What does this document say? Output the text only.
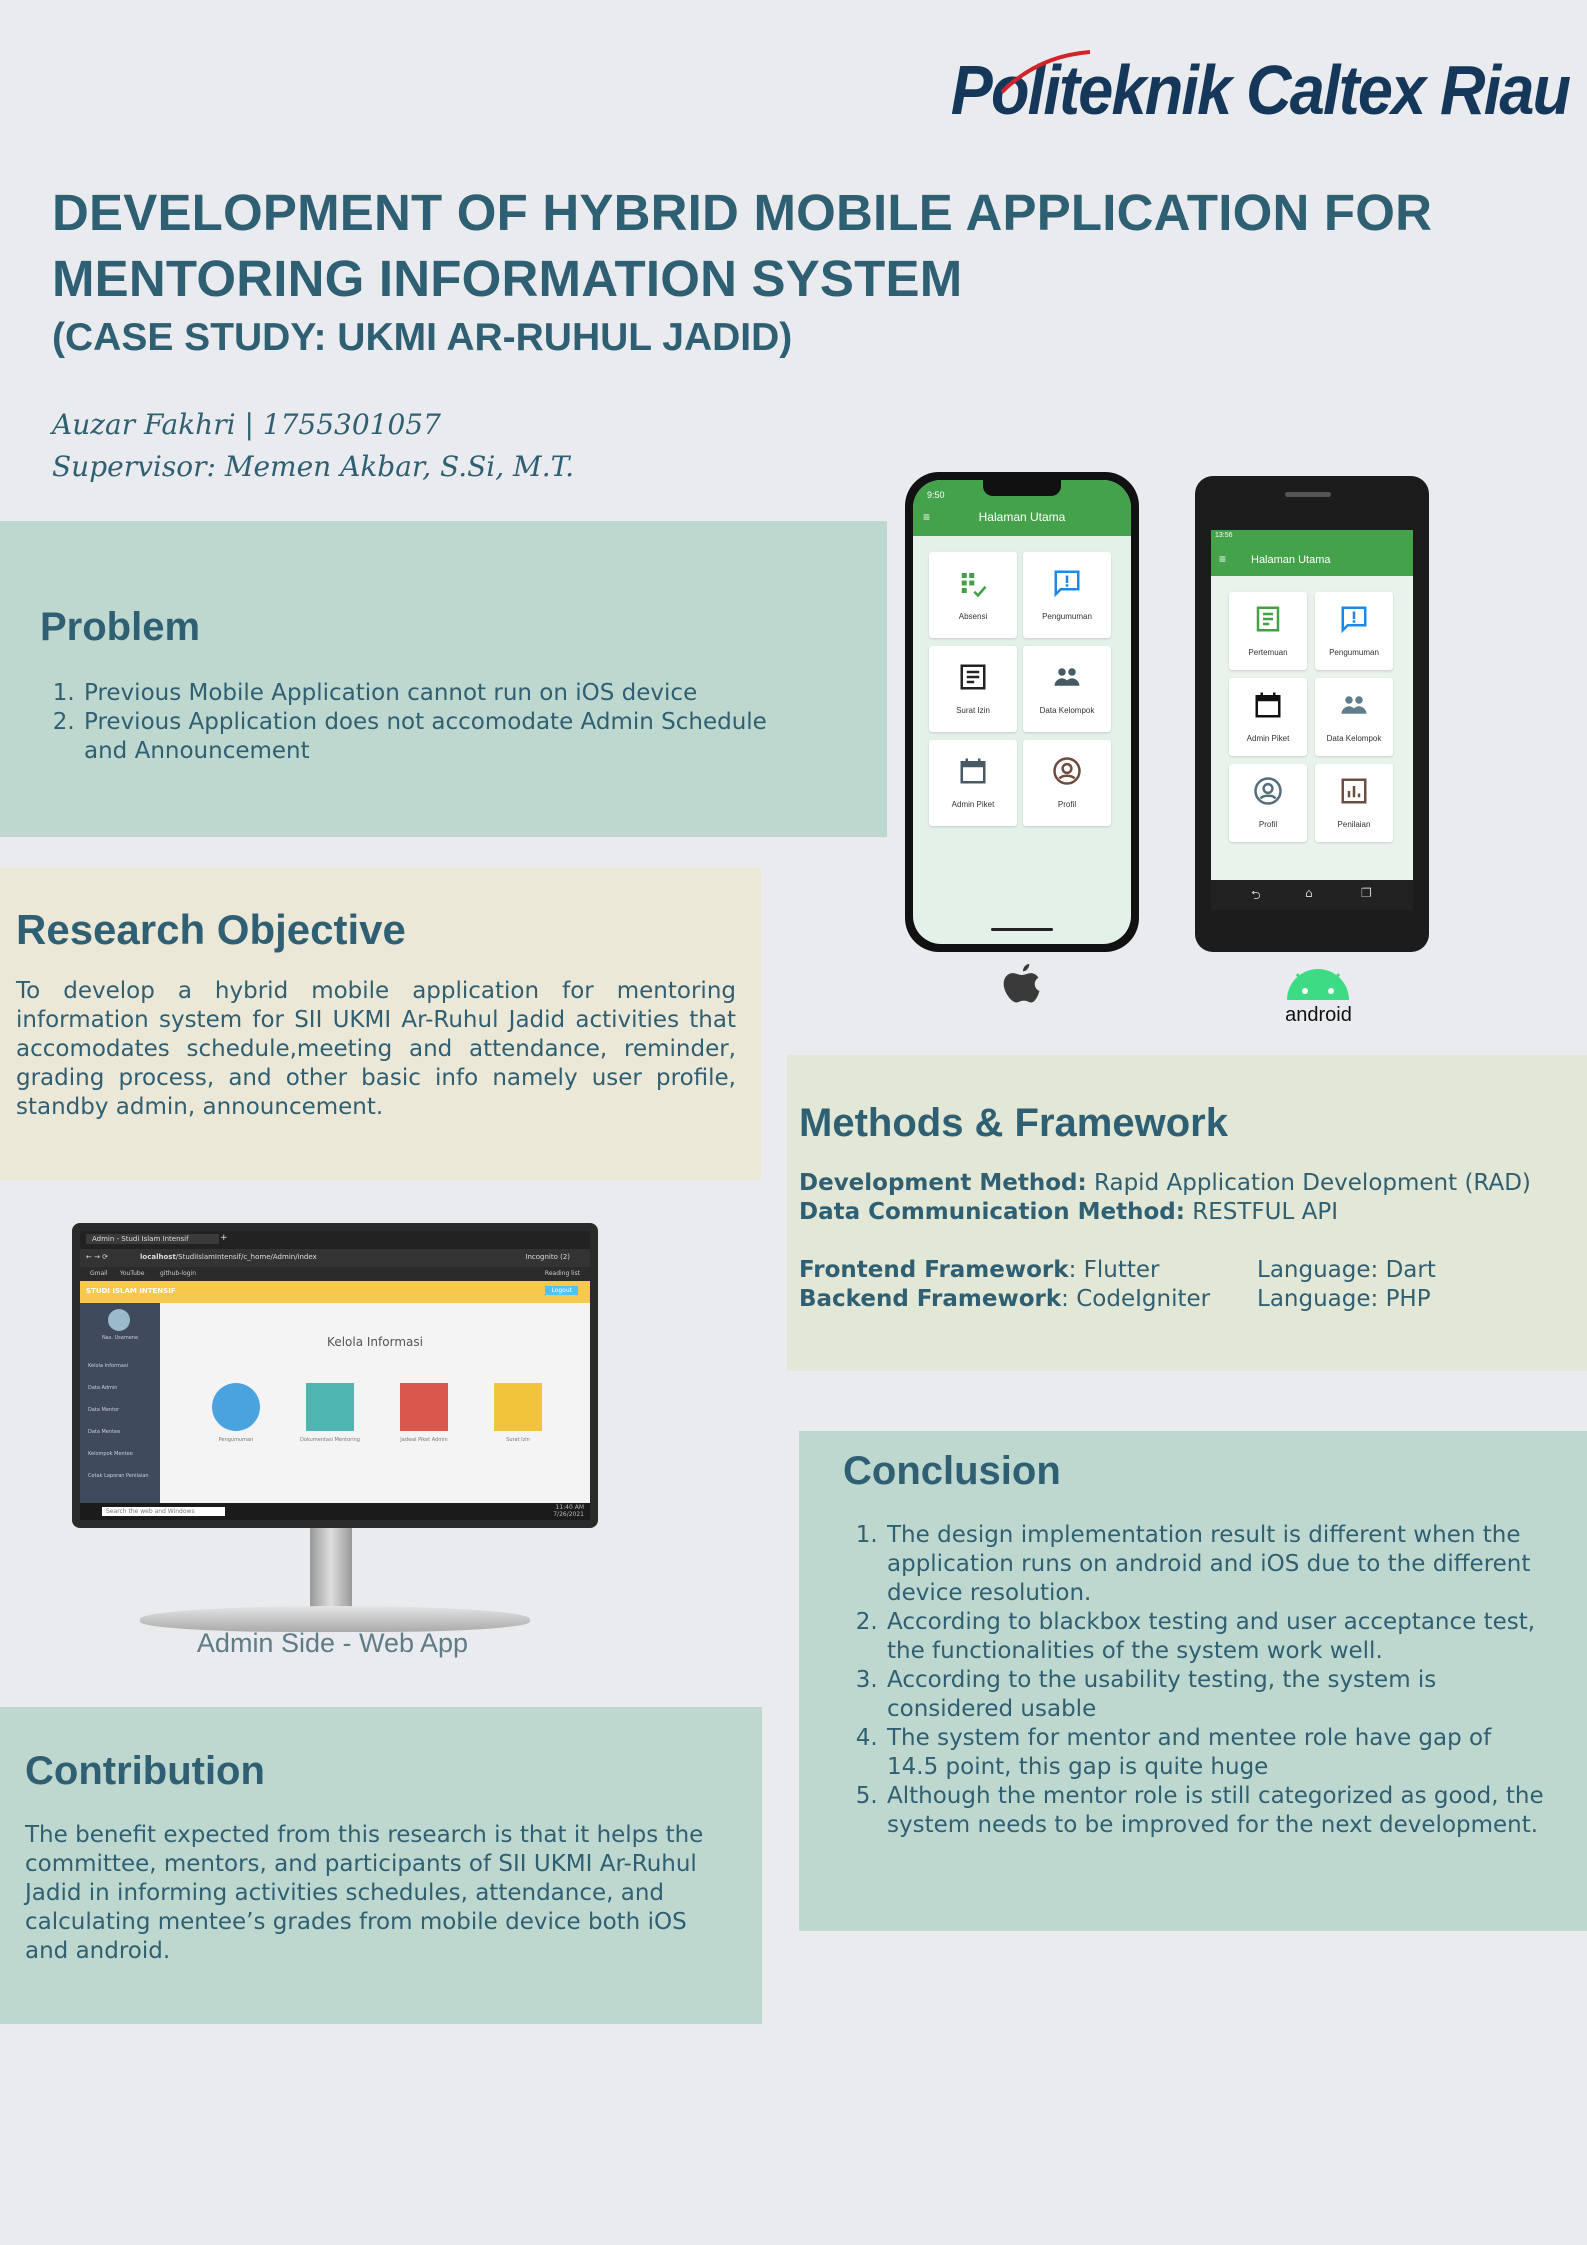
Politeknik Caltex Riau
DEVELOPMENT OF HYBRID MOBILE APPLICATION FOR
MENTORING INFORMATION SYSTEM
(CASE STUDY: UKMI AR-RUHUL JADID)
Auzar Fakhri | 1755301057
Supervisor: Memen Akbar, S.Si, M.T.
Problem
1. Previous Mobile Application cannot run on iOS device
2. Previous Application does not accomodate Admin Schedule and Announcement
Research Objective

To develop a hybrid mobile application for mentoring information system for SII UKMI Ar-Ruhul Jadid activities that accomodates schedule,meeting and attendance, reminder, grading process, and other basic info namely user profile, standby admin, announcement.

9:50
Halaman Utama
≡
Absensi	Pengumuman
Surat Izin	Data Kelompok
Admin Piket	Profil
13:56
≡ Halaman Utama
Pertemuan	Pengumuman
Admin Piket	Data Kelompok
Profil	Penilaian
⮌	⌂	❐
android
Methods & Framework
Development Method: Rapid Application Development (RAD)
Data Communication Method: RESTFUL API
Frontend Framework: Flutter	Language: Dart
Backend Framework: CodeIgniter Language: PHP
Admin - Studi Islam Intensif	+
← → ⟳	localhost/StudiIslamIntensif/c_home/Admin/index	Incognito (2)
Gmail YouTube	github-login	Reading list
STUDI ISLAM INTENSIF	Logout
Nas. Usamene
Kelola Informasi
Data Admin
Data Mentor
Data Mentee
Kelompok Mentee
Cetak Laporan Penilaian
Kelola Informasi
Pengumuman	Dokumentasi Mentoring	Jadwal Piket Admin	Surat Izin
Search the web and Windows
11:40 AM
7/26/2021
Admin Side - Web App
Conclusion
1. The design implementation result is different when the application runs on android and iOS due to the different device resolution.
2. According to blackbox testing and user acceptance test, the functionalities of the system work well.
3. According to the usability testing, the system is considered usable
4. The system for mentor and mentee role have gap of 14.5 point, this gap is quite huge
5. Although the mentor role is still categorized as good, the system needs to be improved for the next development.
Contribution

The benefit expected from this research is that it helps the committee, mentors, and participants of SII UKMI Ar-Ruhul Jadid in informing activities schedules, attendance, and calculating mentee’s grades from mobile device both iOS and android.
